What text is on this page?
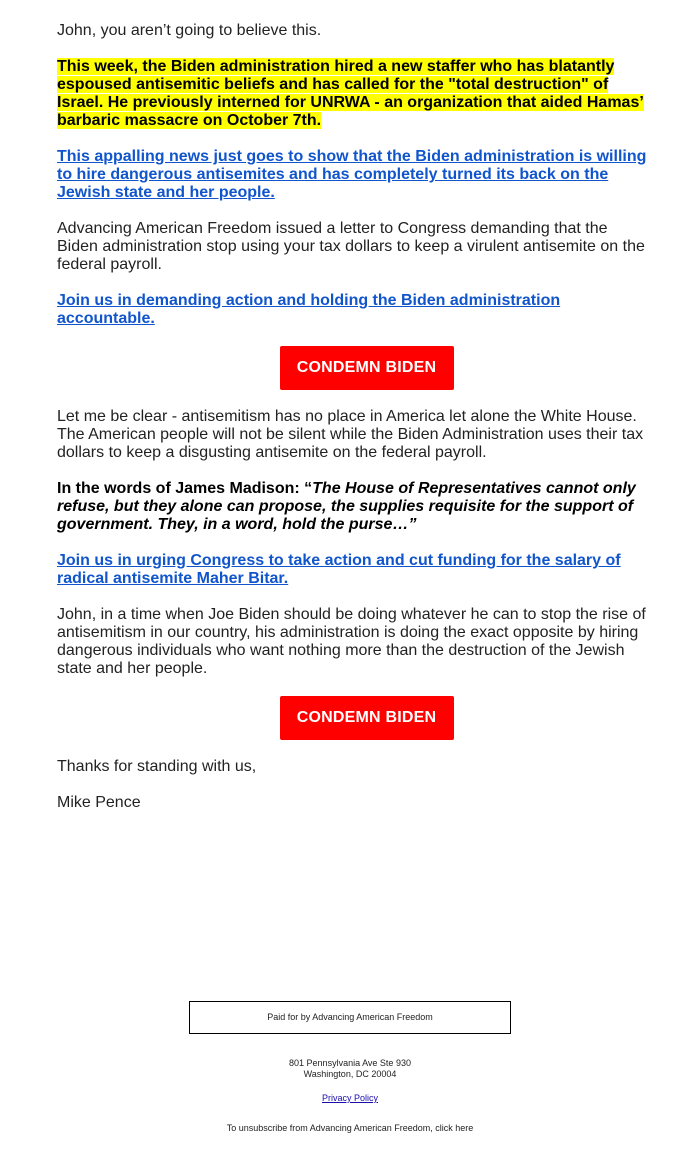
John, you aren’t going to believe this.

This week, the Biden administration hired a new staffer who has blatantly espoused antisemitic beliefs and has called for the "total destruction" of Israel. He previously interned for UNRWA - an organization that aided Hamas’ barbaric massacre on October 7th.

This appalling news just goes to show that the Biden administration is willing to hire dangerous antisemites and has completely turned its back on the Jewish state and her people.

Advancing American Freedom issued a letter to Congress demanding that the Biden administration stop using your tax dollars to keep a virulent antisemite on the federal payroll.

Join us in demanding action and holding the Biden administration accountable.

CONDEMN BIDEN

Let me be clear - antisemitism has no place in America let alone the White House. The American people will not be silent while the Biden Administration uses their tax dollars to keep a disgusting antisemite on the federal payroll.

In the words of James Madison: “The House of Representatives cannot only refuse, but they alone can propose, the supplies requisite for the support of government. They, in a word, hold the purse…”

Join us in urging Congress to take action and cut funding for the salary of radical antisemite Maher Bitar.

John, in a time when Joe Biden should be doing whatever he can to stop the rise of antisemitism in our country, his administration is doing the exact opposite by hiring dangerous individuals who want nothing more than the destruction of the Jewish state and her people.

CONDEMN BIDEN

Thanks for standing with us,

Mike Pence

Paid for by Advancing American Freedom
801 Pennsylvania Ave Ste 930
Washington, DC 20004
Privacy Policy
To unsubscribe from Advancing American Freedom, click here
